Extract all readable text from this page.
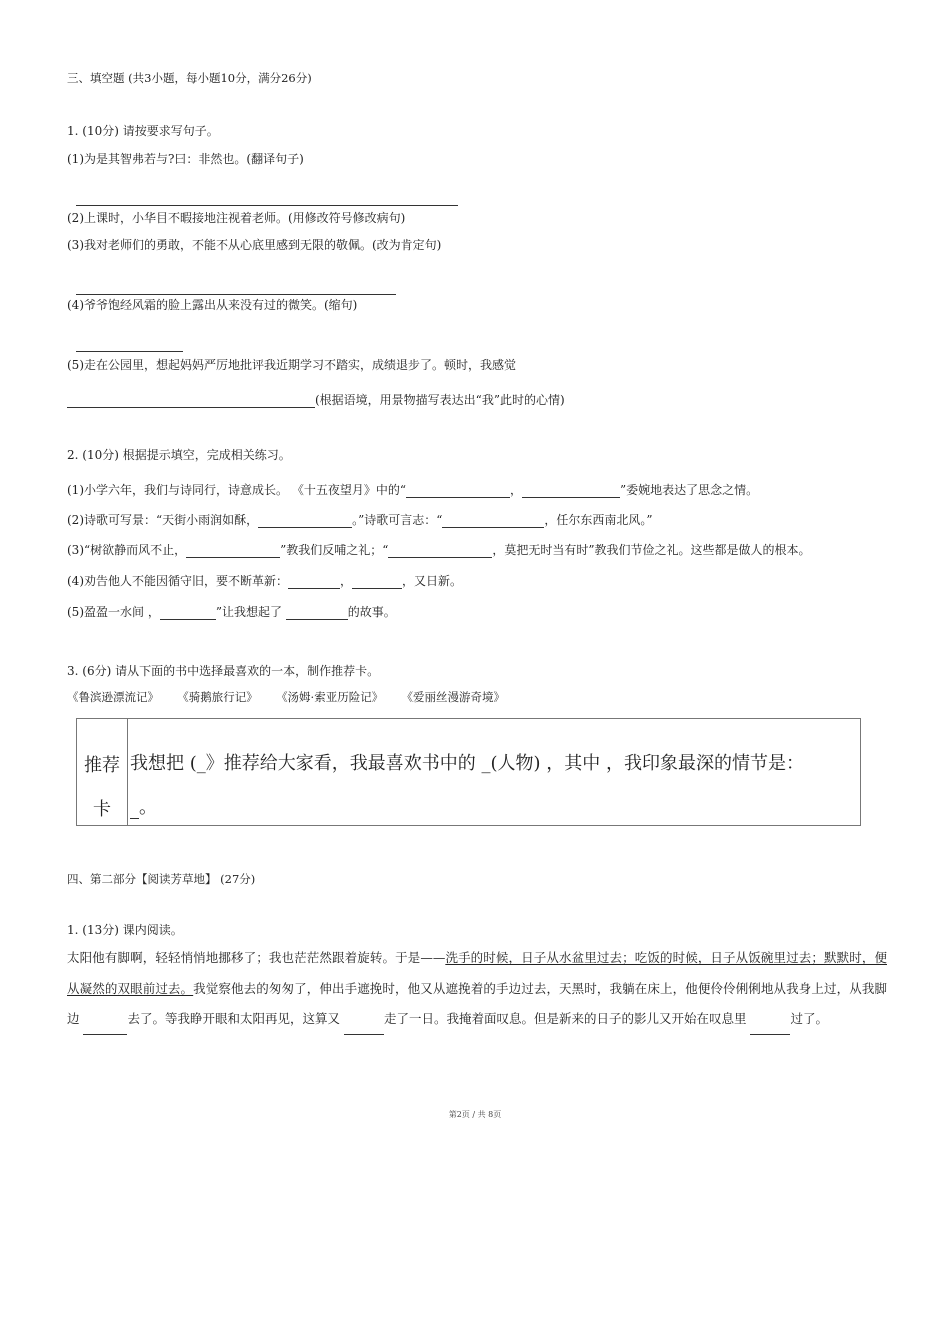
三、填空题 (共3小题，每小题10分，满分26分)
1. (10分) 请按要求写句子。
(1)为是其智弗若与?曰：非然也。(翻译句子)
(2)上课时，小华目不暇接地注视着老师。(用修改符号修改病句)
(3)我对老师们的勇敢，不能不从心底里感到无限的敬佩。(改为肯定句)
(4)爷爷饱经风霜的脸上露出从来没有过的微笑。(缩句)
(5)走在公园里，想起妈妈严厉地批评我近期学习不踏实，成绩退步了。顿时，我感觉
(根据语境，用景物描写表达出“我”此时的心情)
2. (10分) 根据提示填空，完成相关练习。
(1)小学六年，我们与诗同行，诗意成长。 《十五夜望月》中的“	，	”委婉地表达了思念之情。
(2)诗歌可写景：“天街小雨润如酥，	。”诗歌可言志：“	，任尔东西南北风。”
(3)“树欲静而风不止，	”教我们反哺之礼；“	，莫把无时当有时”教我们节俭之礼。这些都是做人的根本。
(4)劝告他人不能因循守旧，要不断革新：	，	，又日新。
(5)盈盈一水间 ，	”让我想起了	的故事。
3. (6分) 请从下面的书中选择最喜欢的一本，制作推荐卡。
《鲁滨逊漂流记》 《骑鹅旅行记》 《汤姆·索亚历险记》 《爱丽丝漫游奇境》
推荐
卡
我想把 (_》推荐给大家看，我最喜欢书中的 _(人物) ，其中 ，我印象最深的情节是：
。
四、第二部分【阅读芳草地】 (27分)
1. (13分) 课内阅读。
太阳他有脚啊，轻轻悄悄地挪移了；我也茫茫然跟着旋转。于是——洗手的时候，日子从水盆里过去；吃饭的时候，日子从饭碗里过去；默默时，便从凝然的双眼前过去。我觉察他去的匆匆了，伸出手遮挽时，他又从遮挽着的手边过去，天黑时，我躺在床上，他便伶伶俐俐地从我身上过，从我脚边	去了。等我睁开眼和太阳再见，这算又	走了一日。我掩着面叹息。但是新来的日子的影儿又开始在叹息里	过了。
第2页 / 共 8页
